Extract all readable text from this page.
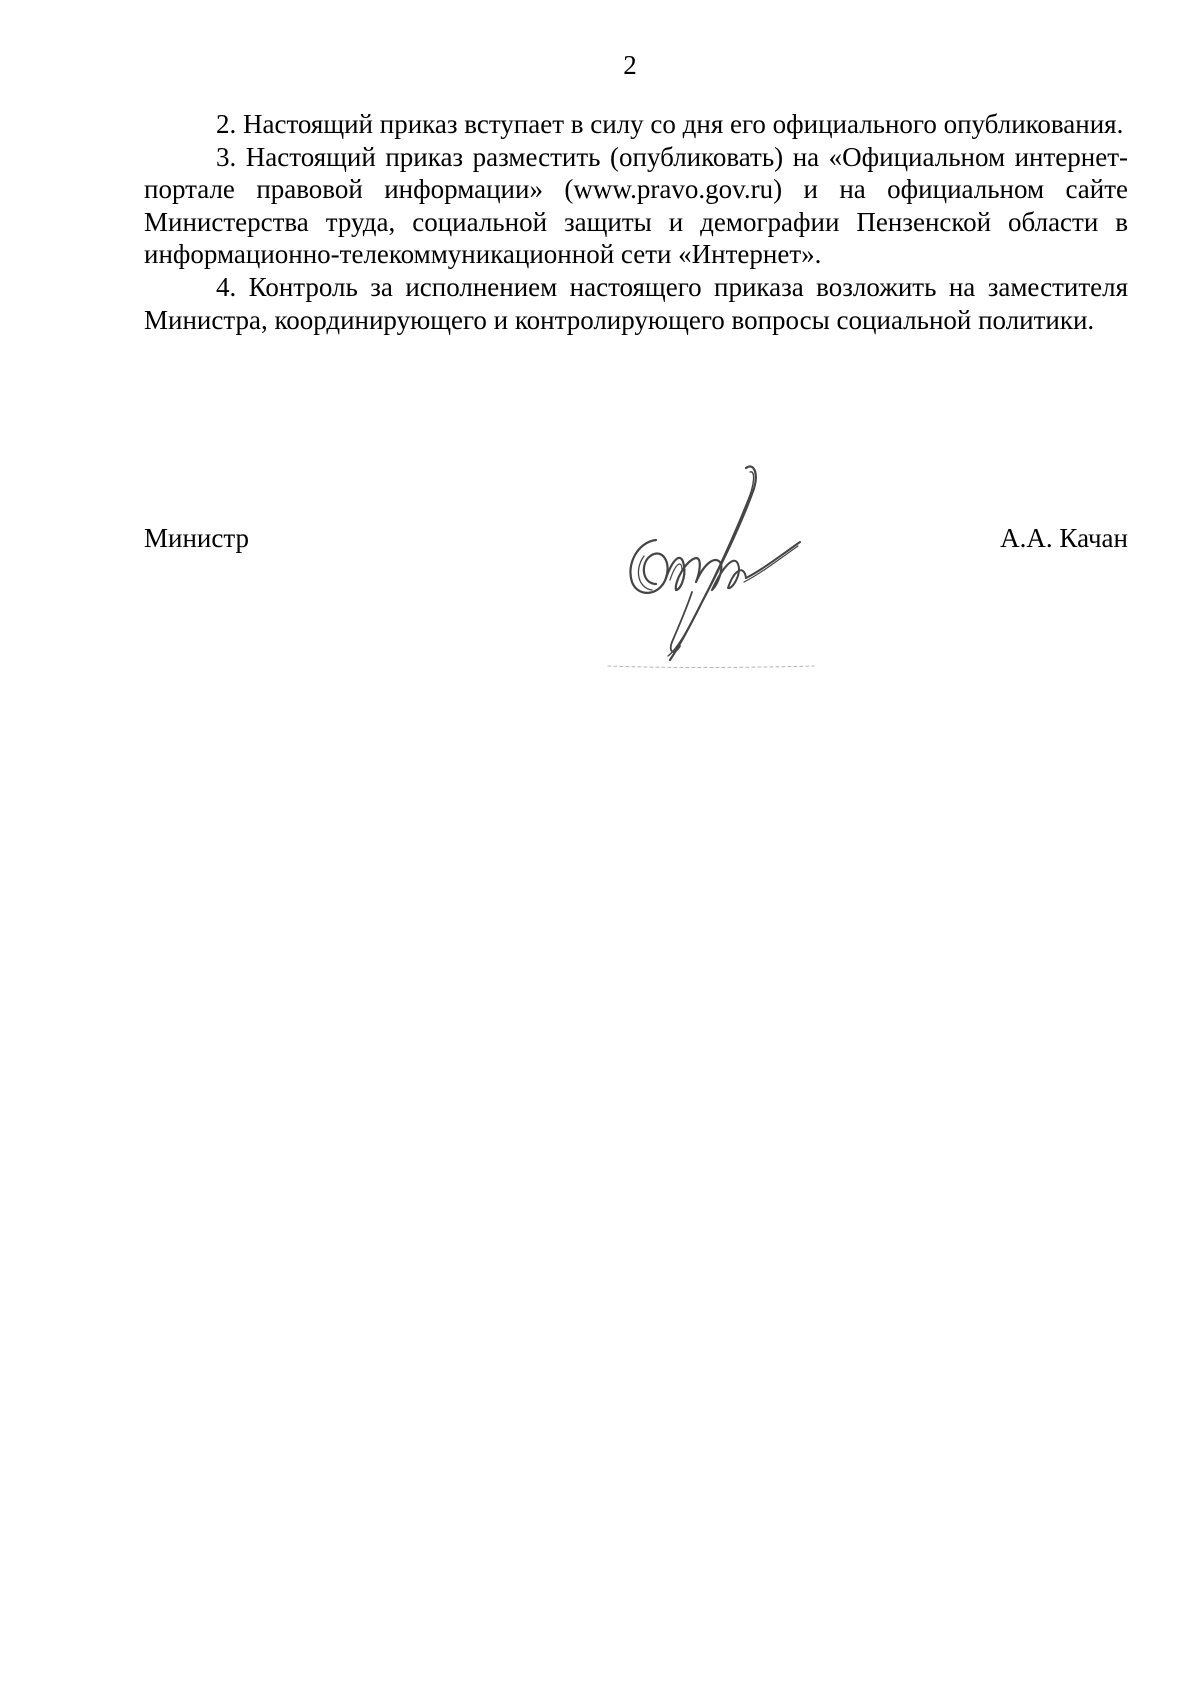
2

2. Настоящий приказ вступает в силу со дня его официального опубликования.

3. Настоящий приказ разместить (опубликовать) на «Официальном интернет-портале правовой информации» (www.pravo.gov.ru) и на официальном сайте Министерства труда, социальной защиты и демографии Пензенской области в информационно-телекоммуникационной сети «Интернет».

4. Контроль за исполнением настоящего приказа возложить на заместителя Министра, координирующего и контролирующего вопросы социальной политики.

Министр	А.А. Качан
